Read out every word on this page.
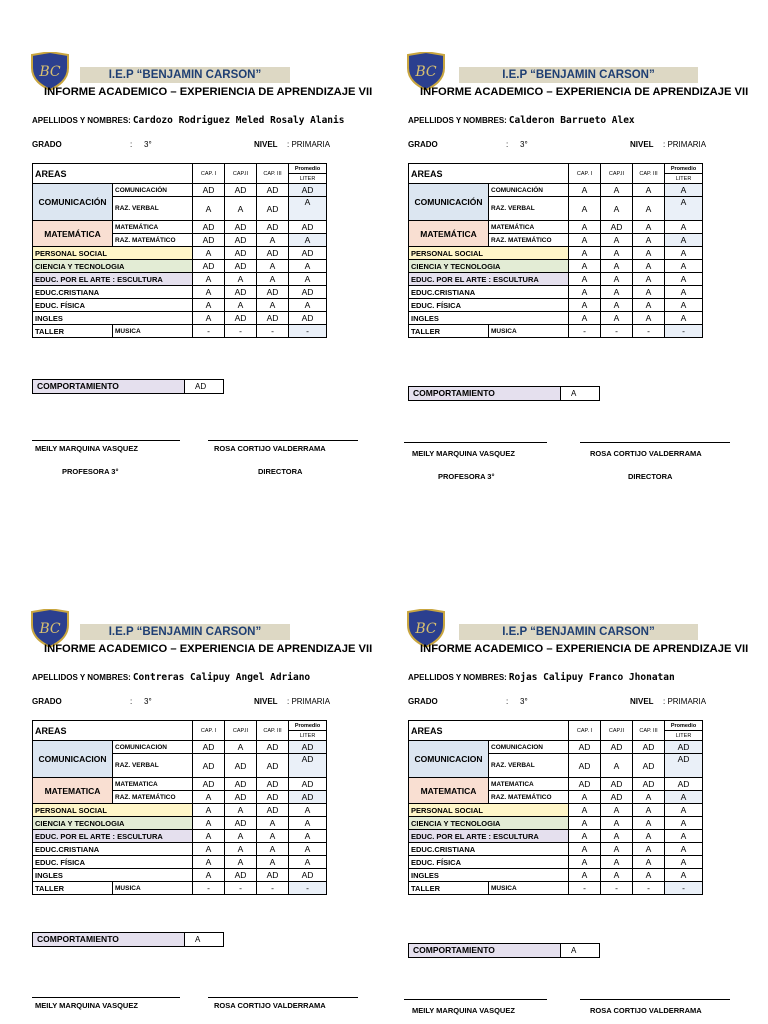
BC	I.E.P “BENJAMIN CARSON”
INFORME ACADEMICO – EXPERIENCIA DE APRENDIZAJE VII
APELLIDOS Y NOMBRES: Cardozo Rodriguez Meled Rosaly Alanis
GRADO	: 3°	NIVEL : PRIMARIA
AREAS		CAP. I	CAP.II	CAP. III	Promedio
					LITER
COMUNICACIÓN	COMUNICACIÓN	AD	AD	AD	AD
	RAZ. VERBAL	A	A	AD	A
MATEMÁTICA	MATEMÁTICA	AD	AD	AD	AD
	RAZ. MATEMÁTICO	AD	AD	A	A
PERSONAL SOCIAL		A	AD	AD	AD
CIENCIA Y TECNOLOGIA		AD	AD	A	A
EDUC. POR EL ARTE : ESCULTURA		A	A	A	A
EDUC.CRISTIANA		A	AD	AD	AD
EDUC. FÍSICA		A	A	A	A
INGLES		A	AD	AD	AD
TALLER	MUSICA	-	-	-	-
COMPORTAMIENTO	AD
MEILY MARQUINA VASQUEZ	ROSA CORTIJO VALDERRAMA
PROFESORA 3°	DIRECTORA
BC	I.E.P “BENJAMIN CARSON”
INFORME ACADEMICO – EXPERIENCIA DE APRENDIZAJE VII
APELLIDOS Y NOMBRES: Calderon Barrueto Alex
GRADO	: 3°	NIVEL : PRIMARIA
AREAS		CAP. I	CAP.II	CAP. III	Promedio
					LITER
COMUNICACIÓN	COMUNICACIÓN	A	A	A	A
	RAZ. VERBAL	A	A	A	A
MATEMÁTICA	MATEMÁTICA	A	AD	A	A
	RAZ. MATEMÁTICO	A	A	A	A
PERSONAL SOCIAL		A	A	A	A
CIENCIA Y TECNOLOGIA		A	A	A	A
EDUC. POR EL ARTE : ESCULTURA		A	A	A	A
EDUC.CRISTIANA		A	A	A	A
EDUC. FÍSICA		A	A	A	A
INGLES		A	A	A	A
TALLER	MUSICA	-	-	-	-
COMPORTAMIENTO	A
MEILY MARQUINA VASQUEZ	ROSA CORTIJO VALDERRAMA
PROFESORA 3°	DIRECTORA
BC	I.E.P “BENJAMIN CARSON”
INFORME ACADEMICO – EXPERIENCIA DE APRENDIZAJE VII
APELLIDOS Y NOMBRES: Contreras Calipuy Angel Adriano
GRADO	: 3°	NIVEL : PRIMARIA
AREAS		CAP. I	CAP.II	CAP. III	Promedio
					LITER
COMUNICACION	COMUNICACION	AD	A	AD	AD
	RAZ. VERBAL	AD	AD	AD	AD
MATEMATICA	MATEMATICA	AD	AD	AD	AD
	RAZ. MATEMÁTICO	A	AD	AD	AD
PERSONAL SOCIAL		A	A	AD	A
CIENCIA Y TECNOLOGIA		A	AD	A	A
EDUC. POR EL ARTE : ESCULTURA		A	A	A	A
EDUC.CRISTIANA		A	A	A	A
EDUC. FÍSICA		A	A	A	A
INGLES		A	AD	AD	AD
TALLER	MUSICA	-	-	-	-
COMPORTAMIENTO	A
MEILY MARQUINA VASQUEZ	ROSA CORTIJO VALDERRAMA
BC	I.E.P “BENJAMIN CARSON”
INFORME ACADEMICO – EXPERIENCIA DE APRENDIZAJE VII
APELLIDOS Y NOMBRES: Rojas Calipuy Franco Jhonatan
GRADO	: 3°	NIVEL : PRIMARIA
AREAS		CAP. I	CAP.II	CAP. III	Promedio
					LITER
COMUNICACION	COMUNICACION	AD	AD	AD	AD
	RAZ. VERBAL	AD	A	AD	AD
MATEMATICA	MATEMATICA	AD	AD	AD	AD
	RAZ. MATEMÁTICO	A	AD	A	A
PERSONAL SOCIAL		A	A	A	A
CIENCIA Y TECNOLOGIA		A	A	A	A
EDUC. POR EL ARTE : ESCULTURA		A	A	A	A
EDUC.CRISTIANA		A	A	A	A
EDUC. FÍSICA		A	A	A	A
INGLES		A	A	A	A
TALLER	MUSICA	-	-	-	-
COMPORTAMIENTO	A
MEILY MARQUINA VASQUEZ	ROSA CORTIJO VALDERRAMA
